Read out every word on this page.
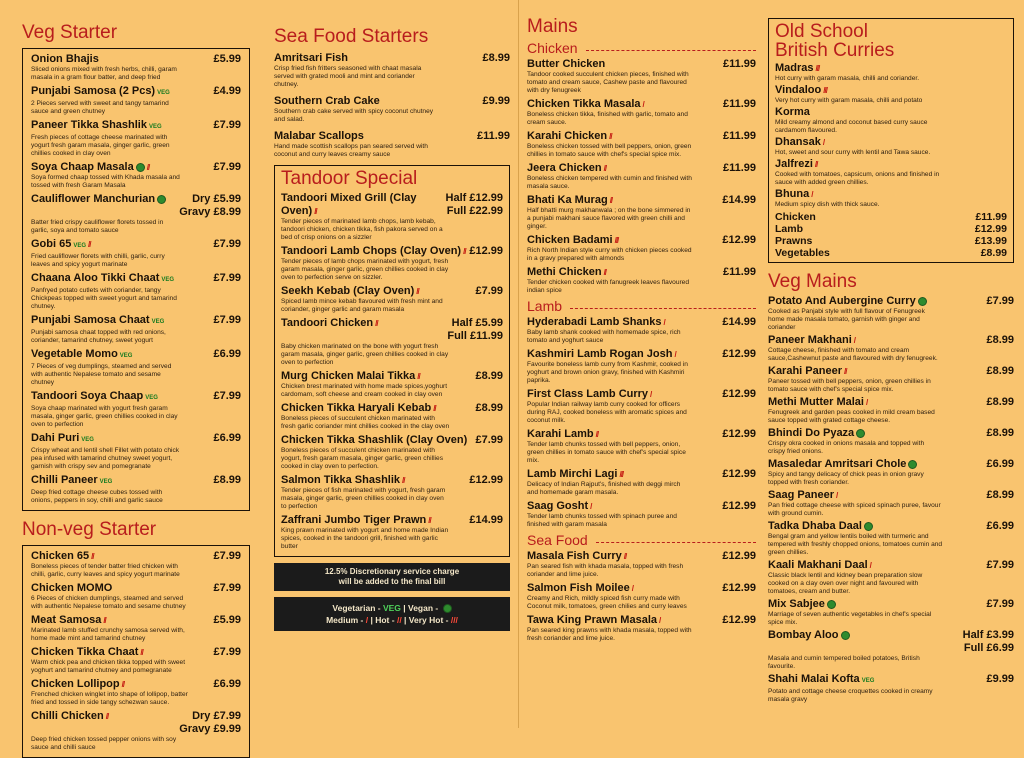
Veg Starter
Onion Bhajis	£5.99
Sliced onions mixed with fresh herbs, chilli, garam masala in a gram flour batter, and deep fried
Punjabi Samosa (2 Pcs) VEG	£4.99
2 Pieces served with sweet and tangy tamarind sauce and green chutney
Paneer Tikka Shashlik VEG	£7.99
Fresh pieces of cottage cheese marinated with yogurt fresh garam masala, ginger garlic, green chillies cooked in clay oven
Soya Chaap Masala //	£7.99
Soya formed chaap tossed with Khada masala and tossed with fresh Garam Masala
Cauliflower Manchurian	Dry £5.99
Gravy £8.99
Batter fried crispy cauliflower florets tossed in garlic, soya and tomato sauce
Gobi 65 VEG //	£7.99
Fried cauliflower florets with chilli, garlic, curry leaves and spicy yogurt marinate
Chaana Aloo Tikki Chaat VEG	£7.99
Panfryed potato cutlets with coriander, tangy Chickpeas topped with sweet yogurt and tamarind chutney.
Punjabi Samosa Chaat VEG	£7.99
Punjabi samosa chaat topped with red onions, coriander, tamarind chutney, sweet yogurt
Vegetable Momo VEG	£6.99
7 Pieces of veg dumplings, steamed and served with authentic Nepalese tomato and sesame chutney
Tandoori Soya Chaap VEG	£7.99
Soya chaap marinated with yogurt fresh garam masala, ginger garlic, green chillies cooked in clay oven to perfection
Dahi Puri VEG	£6.99
Crispy wheat and lentil shell Fillet with potato chick pea infused with tamarind chutney sweet yogurt, garnish with crispy sev and pomegranate
Chilli Paneer VEG	£8.99
Deep fried cottage cheese cubes tossed with onions, peppers in soy, chilli and garlic sauce
Non-veg Starter
Chicken 65 //	£7.99
Boneless pieces of tender batter fried chicken with chilli, garlic, curry leaves and spicy yogurt marinate
Chicken MOMO	£7.99
6 Pieces of chicken dumplings, steamed and served with authentic Nepalese tomato and sesame chutney
Meat Samosa //	£5.99
Marinated lamb stuffed crunchy samosa served with, home made mint and tamarind chutney
Chicken Tikka Chaat //	£7.99
Warm chick pea and chicken tikka topped with sweet yoghurt and tamarind chutney and pomegranate
Chicken Lollipop //	£6.99
Frenched chicken winglet into shape of lollipop, batter fried and tossed in side tangy schezwan sauce.
Chilli Chicken //	Dry £7.99
Gravy £9.99
Deep fried chicken tossed pepper onions with soy sauce and chilli sauce
Sea Food Starters
Amritsari Fish	£8.99
Crisp fried fish fritters seasoned with chaat masala served with grated mooli and mint and coriander chutney.
Southern Crab Cake	£9.99
Southern crab cake served with spicy coconut chutney and salad.
Malabar Scallops	£11.99
Hand made scottish scallops pan seared served with coconut and curry leaves creamy sauce
Tandoor Special
Tandoori Mixed Grill (Clay Oven) //
Half £12.99
Full £22.99
Tender pieces of marinated lamb chops, lamb kebab, tandoori chicken, chicken tikka, fish pakora served on a bed of crisp onions on a sizzler
Tandoori Lamb Chops (Clay Oven) // £12.99
Tender pieces of lamb chops marinated with yogurt, fresh garam masala, ginger garlic, green chillies cooked in clay oven to perfection serve on sizzler.
Seekh Kebab (Clay Oven) //	£7.99
Spiced lamb mince kebab flavoured with fresh mint and coriander, ginger garlic and garam masala
Tandoori Chicken //	Half £5.99
Full £11.99
Baby chicken marinated on the bone with yogurt fresh garam masala, ginger garlic, green chillies cooked in clay oven to perfection
Murg Chicken Malai Tikka //	£8.99
Chicken brest marinated with home made spices,yoghurt cardomam, soft cheese and cream cooked in clay oven
Chicken Tikka Haryali Kebab //	£8.99
Boneless pieces of succulent chicken marinated with fresh garlic coriander mint chillies cooked in the clay oven
Chicken Tikka Shashlik (Clay Oven) £7.99
Boneless pieces of succulent chicken marinated with yogurt, fresh garam masala, ginger garlic, green chillies cooked in clay oven to perfection.
Salmon Tikka Shashlik //	£12.99
Tender pieces of fish marinated with yogurt, fresh garam masala, ginger garlic, green chillies cooked in clay oven to perfection
Zaffrani Jumbo Tiger Prawn //	£14.99
King prawn marinated with yogurt and home made Indian spices, cooked in the tandoori grill, finished with garlic butter
12.5% Discretionary service charge
will be added to the final bill
Vegetarian - VEG | Vegan -
Medium - / | Hot - // | Very Hot - ///
Mains
Chicken
Butter Chicken	£11.99
Tandoor cooked succulent chicken pieces, finished with tomato and cream sauce, Cashew paste and flavoured with dry fenugreek
Chicken Tikka Masala /	£11.99
Boneless chicken tikka, finished with garlic, tomato and cream sauce.
Karahi Chicken //	£11.99
Boneless chicken tossed with bell peppers, onion, green chillies in tomato sauce with chef's special spice mix.
Jeera Chicken //	£11.99
Boneless chicken tempered with cumin and finished with masala sauce.
Bhati Ka Murag //	£14.99
Half bhatti murg makhanwala ; on the bone simmered in a punjabi makhani sauce flavored with green chilli and ginger.
Chicken Badami ///	£12.99
Rich North Indian style curry with chicken pieces cooked in a gravy prepared with almonds
Methi Chicken //	£11.99
Tender chicken cooked with fanugreek leaves flavoured indian spice
Lamb
Hyderabadi Lamb Shanks /	£14.99
Baby lamb shank cooked with homemade spice, rich tomato and yoghurt sauce
Kashmiri Lamb Rogan Josh /	£12.99
Favourite boneless lamb curry from Kashmir, cooked in yoghurt and brown onion gravy, finished with Kashmiri paprika.
First Class Lamb Curry /	£12.99
Popular Indian railway lamb curry cooked for officers during RAJ, cooked boneless with aromatic spices and coconut milk.
Karahi Lamb //	£12.99
Tender lamb chunks tossed with bell peppers, onion, green chillies in tomato sauce with chef's special spice mix.
Lamb Mirchi Lagi ///	£12.99
Delicacy of Indian Rajput's, finished with deggi mirch and homemade garam masala.
Saag Gosht /	£12.99
Tender lamb chunks tossed with spinach puree and finished with garam masala
Sea Food
Masala Fish Curry //	£12.99
Pan seared fish with khada masala, topped with fresh coriander and lime juice.
Salmon Fish Moilee /	£12.99
Creamy and Rich, mildly spiced fish curry made with Coconut milk, tomatoes, green chilies and curry leaves
Tawa King Prawn Masala /	£12.99
Pan seared king prawns with khada masala, topped with fresh coriander and lime juice.
Old School
British Curries
Madras ///
Hot curry with garam masala, chilli and coriander.
Vindaloo ///
Very hot curry with garam masala, chilli and potato
Korma
Mild creamy almond and coconut based curry sauce cardamom flavoured.
Dhansak /
Hot, sweet and sour curry with lentil and Tawa sauce.
Jalfrezi //
Cooked with tomatoes, capsicum, onions and finished in sauce with added green chillies.
Bhuna /
Medium spicy dish with thick sauce.
Chicken	£11.99
Lamb	£12.99
Prawns	£13.99
Vegetables	£8.99
Veg Mains
Potato And Aubergine Curry	£7.99
Cooked as Panjabi style with full flavour of Fenugreek home made masala tomato, garnish with ginger and coriander
Paneer Makhani /	£8.99
Cottage cheese, finished with tomato and cream sauce,Cashewnut paste and flavoured with dry fenugreek.
Karahi Paneer //	£8.99
Paneer tossed with bell peppers, onion, green chillies in tomato sauce with chef's special spice mix.
Methi Mutter Malai /	£8.99
Fenugreek and garden peas cooked in mild cream based sauce topped with grated cottage cheese.
Bhindi Do Pyaza	£8.99
Crispy okra cooked in onions masala and topped with crispy fried onions.
Masaledar Amritsari Chole	£6.99
Spicy and tangy delicacy of chick peas in onion gravy topped with fresh coriander.
Saag Paneer /	£8.99
Pan fried cottage cheese with spiced spinach puree, favour with ground cumin.
Tadka Dhaba Daal	£6.99
Bengal gram and yellow lentils boiled with turmeric and tempered with freshly chopped onions, tomatoes cumin and green chillies.
Kaali Makhani Daal /	£7.99
Classic black lentil and kidney bean preparation slow cooked on a clay oven over night and favoured with tomatoes, cream and butter.
Mix Sabjee	£7.99
Marriage of seven authentic vegetables in chef's special spice mix.
Bombay Aloo	Half £3.99
Full £6.99
Masala and cumin tempered boiled potatoes, British favourite.
Shahi Malai Kofta VEG	£9.99
Potato and cottage cheese croquettes cooked in creamy masala gravy
